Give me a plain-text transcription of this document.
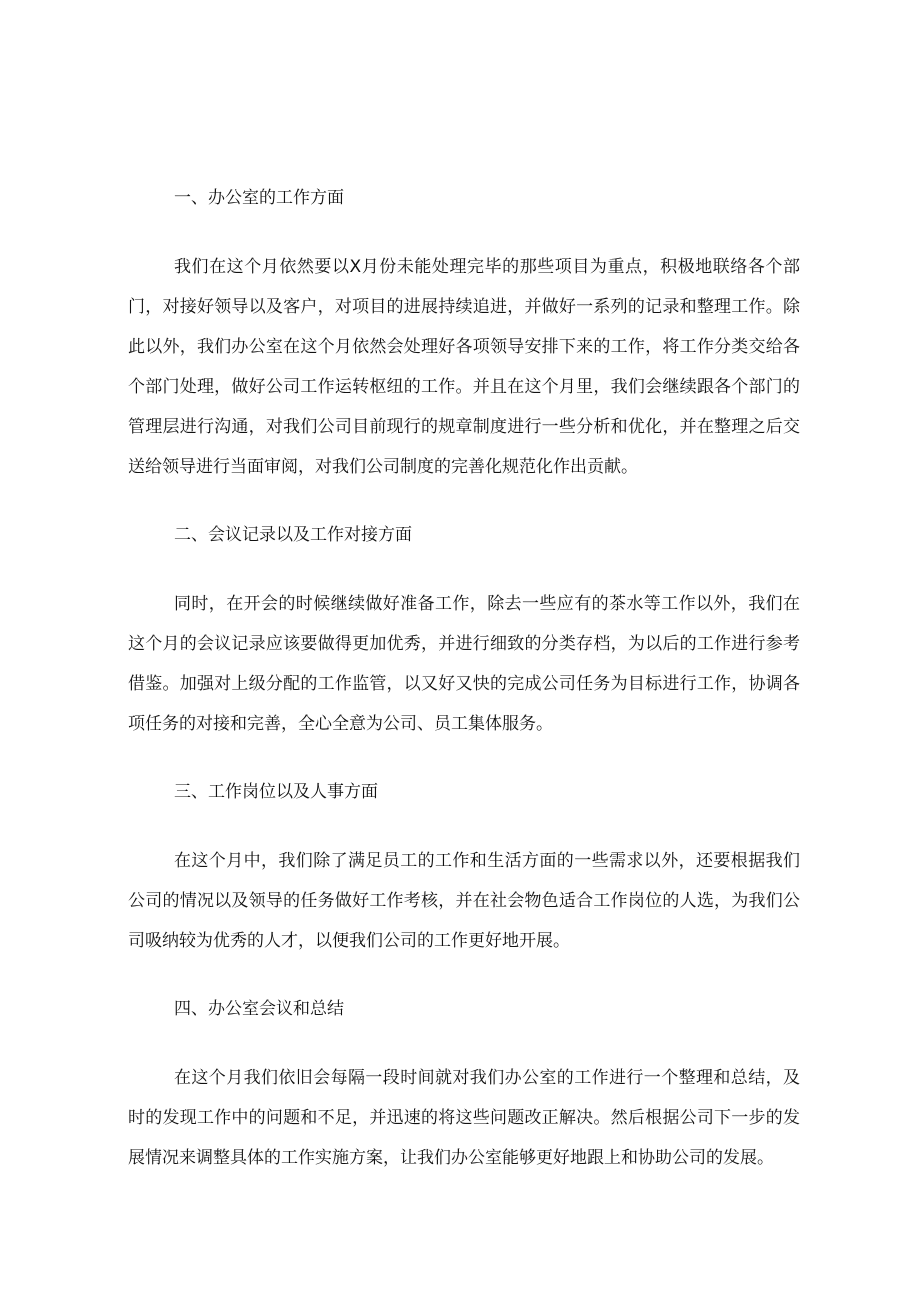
一、办公室的工作方面

我们在这个月依然要以X月份未能处理完毕的那些项目为重点，积极地联络各个部门，对接好领导以及客户，对项目的进展持续追进，并做好一系列的记录和整理工作。除此以外，我们办公室在这个月依然会处理好各项领导安排下来的工作，将工作分类交给各个部门处理，做好公司工作运转枢纽的工作。并且在这个月里，我们会继续跟各个部门的管理层进行沟通，对我们公司目前现行的规章制度进行一些分析和优化，并在整理之后交送给领导进行当面审阅，对我们公司制度的完善化规范化作出贡献。

二、会议记录以及工作对接方面

同时，在开会的时候继续做好准备工作，除去一些应有的茶水等工作以外，我们在这个月的会议记录应该要做得更加优秀，并进行细致的分类存档，为以后的工作进行参考借鉴。加强对上级分配的工作监管，以又好又快的完成公司任务为目标进行工作，协调各项任务的对接和完善，全心全意为公司、员工集体服务。

三、工作岗位以及人事方面

在这个月中，我们除了满足员工的工作和生活方面的一些需求以外，还要根据我们公司的情况以及领导的任务做好工作考核，并在社会物色适合工作岗位的人选，为我们公司吸纳较为优秀的人才，以便我们公司的工作更好地开展。

四、办公室会议和总结

在这个月我们依旧会每隔一段时间就对我们办公室的工作进行一个整理和总结，及时的发现工作中的问题和不足，并迅速的将这些问题改正解决。然后根据公司下一步的发展情况来调整具体的工作实施方案，让我们办公室能够更好地跟上和协助公司的发展。
